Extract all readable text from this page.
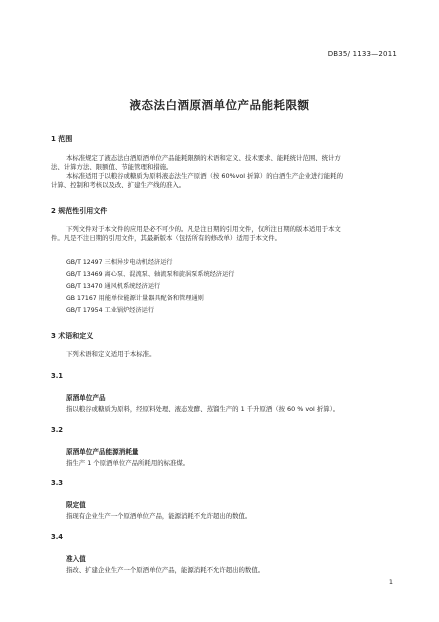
DB35/ 1133—2011

液态法白酒原酒单位产品能耗限额

1 范围

本标准规定了液态法白酒原酒单位产品能耗限额的术语和定义、技术要求、能耗统计范围、统计方

法、计算方法、限额值、节能管理和措施。

本标准适用于以粮谷或糖质为原料液态法生产原酒（按 60%vol 折算）的白酒生产企业进行能耗的

计算、控制和考核以及改、扩建生产线的准入。

2 规范性引用文件

下列文件对于本文件的应用是必不可少的。凡是注日期的引用文件，仅所注日期的版本适用于本文

件。凡是不注日期的引用文件，其最新版本（包括所有的修改单）适用于本文件。

GB/T 12497 三相异步电动机经济运行

GB/T 13469 离心泵、混流泵、轴流泵和旋涡泵系统经济运行

GB/T 13470 通风机系统经济运行

GB 17167 用能单位能源计量器具配备和管理通则

GB/T 17954 工业锅炉经济运行

3 术语和定义

下列术语和定义适用于本标准。

3.1

原酒单位产品

指以粮谷或糖质为原料，经原料处理、液态发酵、蒸馏生产的 1 千升原酒（按 60 % vol 折算）。

3.2

原酒单位产品能源消耗量

指生产 1 个原酒单位产品所耗用的标准煤。

3.3

限定值

指现有企业生产一个原酒单位产品，能源消耗不允许超出的数值。

3.4

准入值

指改、扩建企业生产一个原酒单位产品，能源消耗不允许超出的数值。

1
